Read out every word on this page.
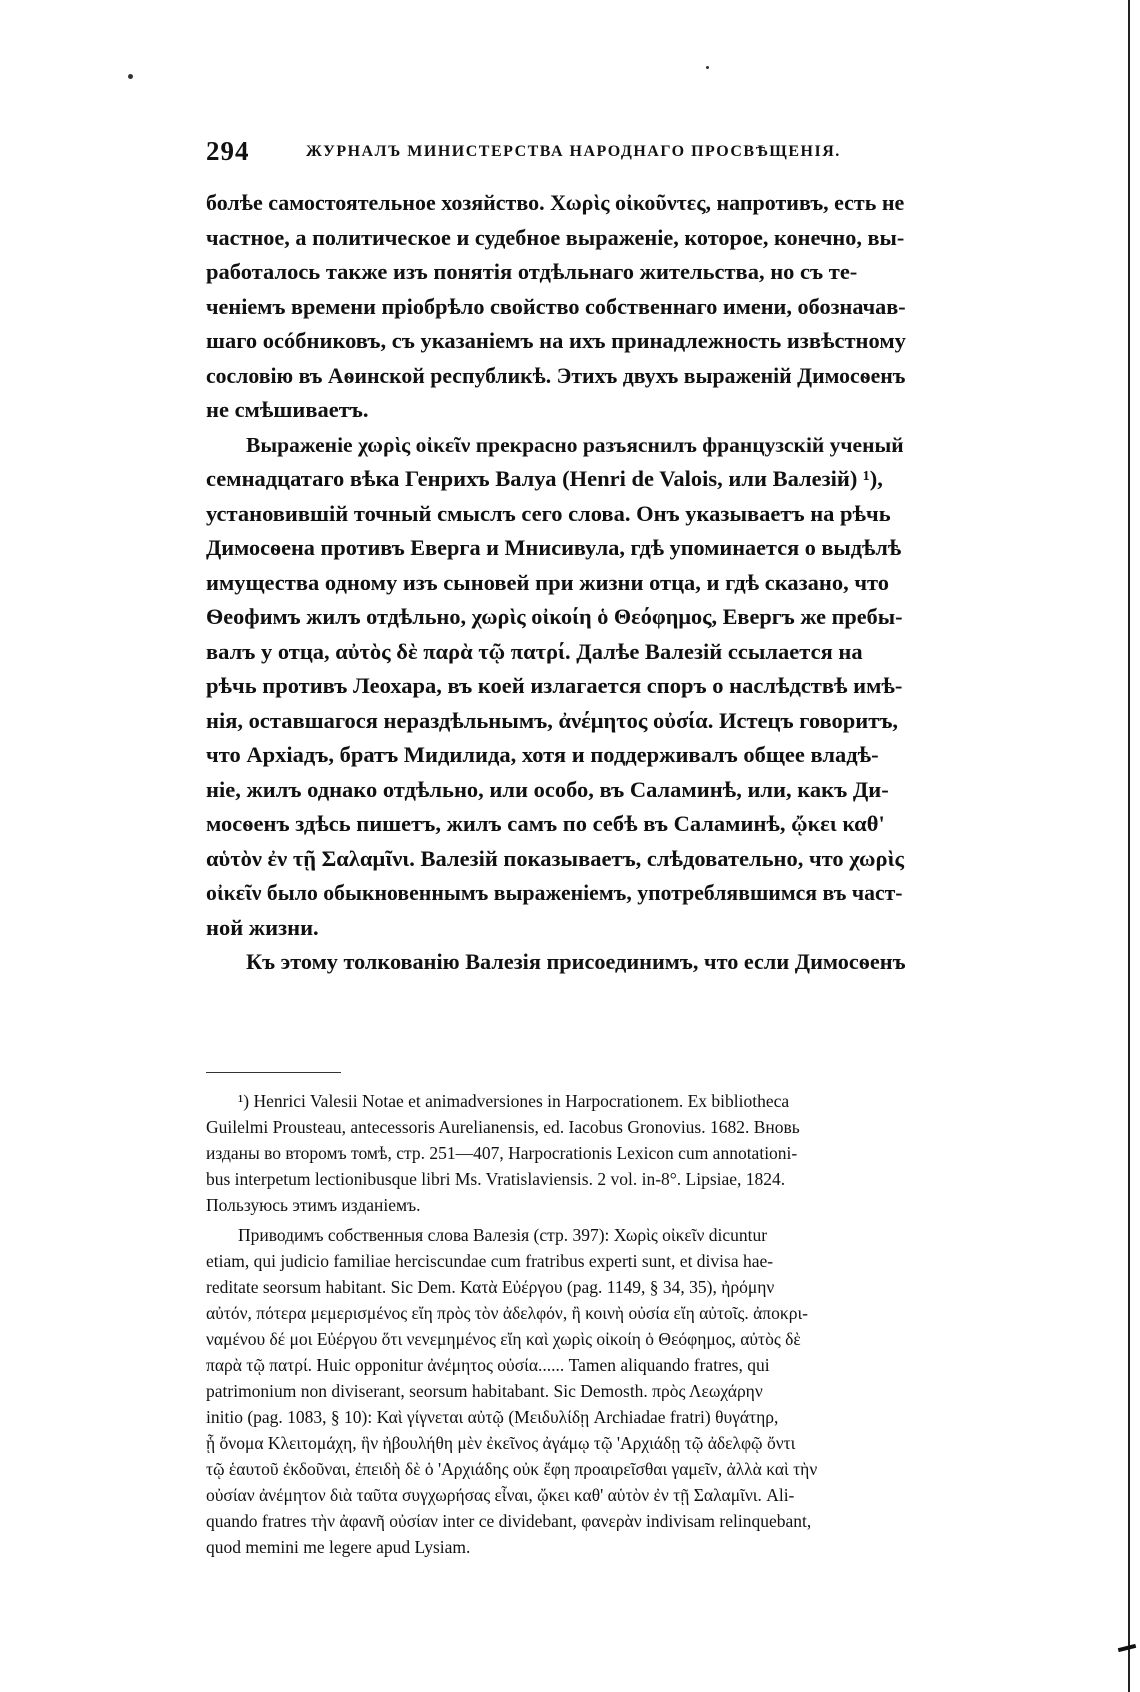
294	ЖУРНАЛЪ МИНИСТЕРСТВА НАРОДНАГО ПРОСВѢЩЕНІЯ.

болѣе самостоятельное хозяйство. Χωρὶς οἰκοῦντες, напротивъ, есть не
частное, а политическое и судебное выраженіе, которое, конечно, вы-
работалось также изъ понятія отдѣльнаго жительства, но съ те-
ченіемъ времени пріобрѣло свойство собственнаго имени, обозначав-
шаго осóбниковъ, съ указаніемъ на ихъ принадлежность извѣстному
сословію въ Аѳинской республикѣ. Этихъ двухъ выраженій Димосѳенъ
не смѣшиваетъ.

Выраженіе χωρὶς οἰκεῖν прекрасно разъяснилъ французскій ученый
семнадцатаго вѣка Генрихъ Валуа (Henri de Valois, или Валезій) ¹),
установившій точный смыслъ сего слова. Онъ указываетъ на рѣчь
Димосѳена противъ Еверга и Мнисивула, гдѣ упоминается о выдѣлѣ
имущества одному изъ сыновей при жизни отца, и гдѣ сказано, что
Ѳеофимъ жилъ отдѣльно, χωρὶς οἰκοίη ὁ Θεόφημος, Евергъ же пребы-
валъ у отца, αὐτὸς δὲ παρὰ τῷ πατρί. Далѣе Валезій ссылается на
рѣчь противъ Леохара, въ коей излагается споръ о наслѣдствѣ имѣ-
нія, оставшагося нераздѣльнымъ, ἀνέμητος οὐσία. Истецъ говоритъ,
что Архіадъ, братъ Мидилида, хотя и поддерживалъ общее владѣ-
ніе, жилъ однако отдѣльно, или особо, въ Саламинѣ, или, какъ Ди-
мосѳенъ здѣсь пишетъ, жилъ самъ по себѣ въ Саламинѣ, ᾤκει καθ'
αὑτὸν ἐν τῇ Σαλαμῖνι. Валезій показываетъ, слѣдовательно, что χωρὶς
οἰκεῖν было обыкновеннымъ выраженіемъ, употреблявшимся въ част-
ной жизни.

Къ этому толкованію Валезія присоединимъ, что если Димосѳенъ

¹) Henrici Valesii Notae et animadversiones in Harpocrationem. Ex bibliotheca
Guilelmi Prousteau, antecessoris Aurelianensis, ed. Iacobus Gronovius. 1682. Вновь
изданы во второмъ томѣ, стр. 251—407, Harpocrationis Lexicon cum annotationi-
bus interpetum lectionibusque libri Ms. Vratislaviensis. 2 vol. in-8°. Lipsiae, 1824.
Пользуюсь этимъ изданіемъ.

Приводимъ собственныя слова Валезія (стр. 397): Χωρὶς οἰκεῖν dicuntur
etiam, qui judicio familiae herciscundae cum fratribus experti sunt, et divisa hae-
reditate seorsum habitant. Sic Dem. Κατὰ Εὐέργου (pag. 1149, § 34, 35), ἠρόμην
αὐτόν, πότερα μεμερισμένος εἴη πρὸς τὸν ἀδελφόν, ἢ κοινὴ οὐσία εἴη αὐτοῖς. ἀποκρι-
ναμένου δέ μοι Εὐέργου ὅτι νενεμημένος εἴη καὶ χωρὶς οἰκοίη ὁ Θεόφημος, αὐτὸς δὲ
παρὰ τῷ πατρί. Huic opponitur ἀνέμητος οὐσία...... Tamen aliquando fratres, qui
patrimonium non diviserant, seorsum habitabant. Sic Demosth. πρὸς Λεωχάρην
initio (pag. 1083, § 10): Καὶ γίγνεται αὐτῷ (Μειδυλίδῃ Archiadae fratri) θυγάτηρ,
ᾗ ὄνομα Κλειτομάχη, ἣν ἠβουλήθη μὲν ἐκεῖνος ἀγάμῳ τῷ 'Αρχιάδῃ τῷ ἀδελφῷ ὄντι
τῷ ἑαυτοῦ ἐκδοῦναι, ἐπειδὴ δὲ ὁ 'Αρχιάδης οὐκ ἔφη προαιρεῖσθαι γαμεῖν, ἀλλὰ καὶ τὴν
οὐσίαν ἀνέμητον διὰ ταῦτα συγχωρήσας εἶναι, ᾤκει καθ' αὑτὸν ἐν τῇ Σαλαμῖνι. Ali-
quando fratres τὴν ἀφανῆ οὐσίαν inter ce dividebant, φανερὰν indivisam relinquebant,
quod memini me legere apud Lysiam.
